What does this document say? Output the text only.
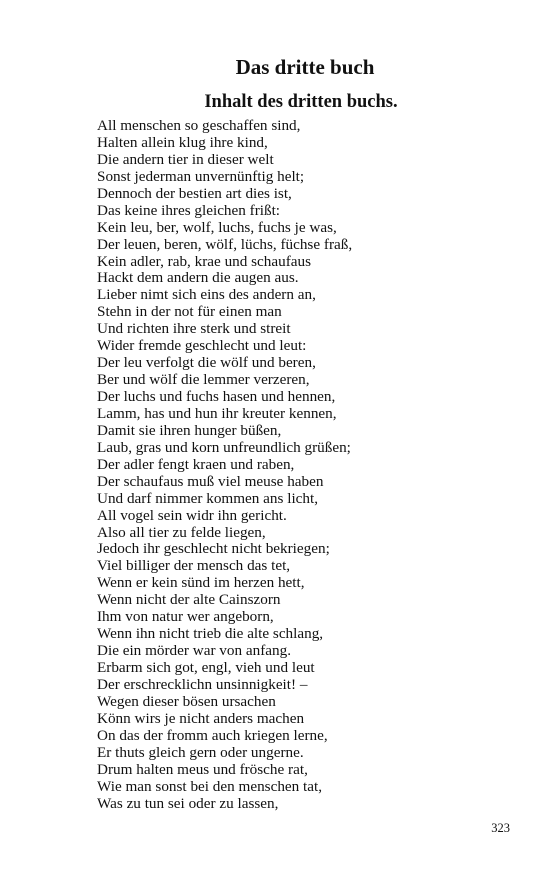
Das dritte buch
Inhalt des dritten buchs.
All menschen so geschaffen sind,
Halten allein klug ihre kind,
Die andern tier in dieser welt
Sonst jederman unvernünftig helt;
Dennoch der bestien art dies ist,
Das keine ihres gleichen frißt:
Kein leu, ber, wolf, luchs, fuchs je was,
Der leuen, beren, wölf, lüchs, füchse fraß,
Kein adler, rab, krae und schaufaus
Hackt dem andern die augen aus.
Lieber nimt sich eins des andern an,
Stehn in der not für einen man
Und richten ihre sterk und streit
Wider fremde geschlecht und leut:
Der leu verfolgt die wölf und beren,
Ber und wölf die lemmer verzeren,
Der luchs und fuchs hasen und hennen,
Lamm, has und hun ihr kreuter kennen,
Damit sie ihren hunger büßen,
Laub, gras und korn unfreundlich grüßen;
Der adler fengt kraen und raben,
Der schaufaus muß viel meuse haben
Und darf nimmer kommen ans licht,
All vogel sein widr ihn gericht.
Also all tier zu felde liegen,
Jedoch ihr geschlecht nicht bekriegen;
Viel billiger der mensch das tet,
Wenn er kein sünd im herzen hett,
Wenn nicht der alte Cainszorn
Ihm von natur wer angeborn,
Wenn ihn nicht trieb die alte schlang,
Die ein mörder war von anfang.
Erbarm sich got, engl, vieh und leut
Der erschrecklichn unsinnigkeit! –
Wegen dieser bösen ursachen
Könn wirs je nicht anders machen
On das der fromm auch kriegen lerne,
Er thuts gleich gern oder ungerne.
Drum halten meus und frösche rat,
Wie man sonst bei den menschen tat,
Was zu tun sei oder zu lassen,
323
